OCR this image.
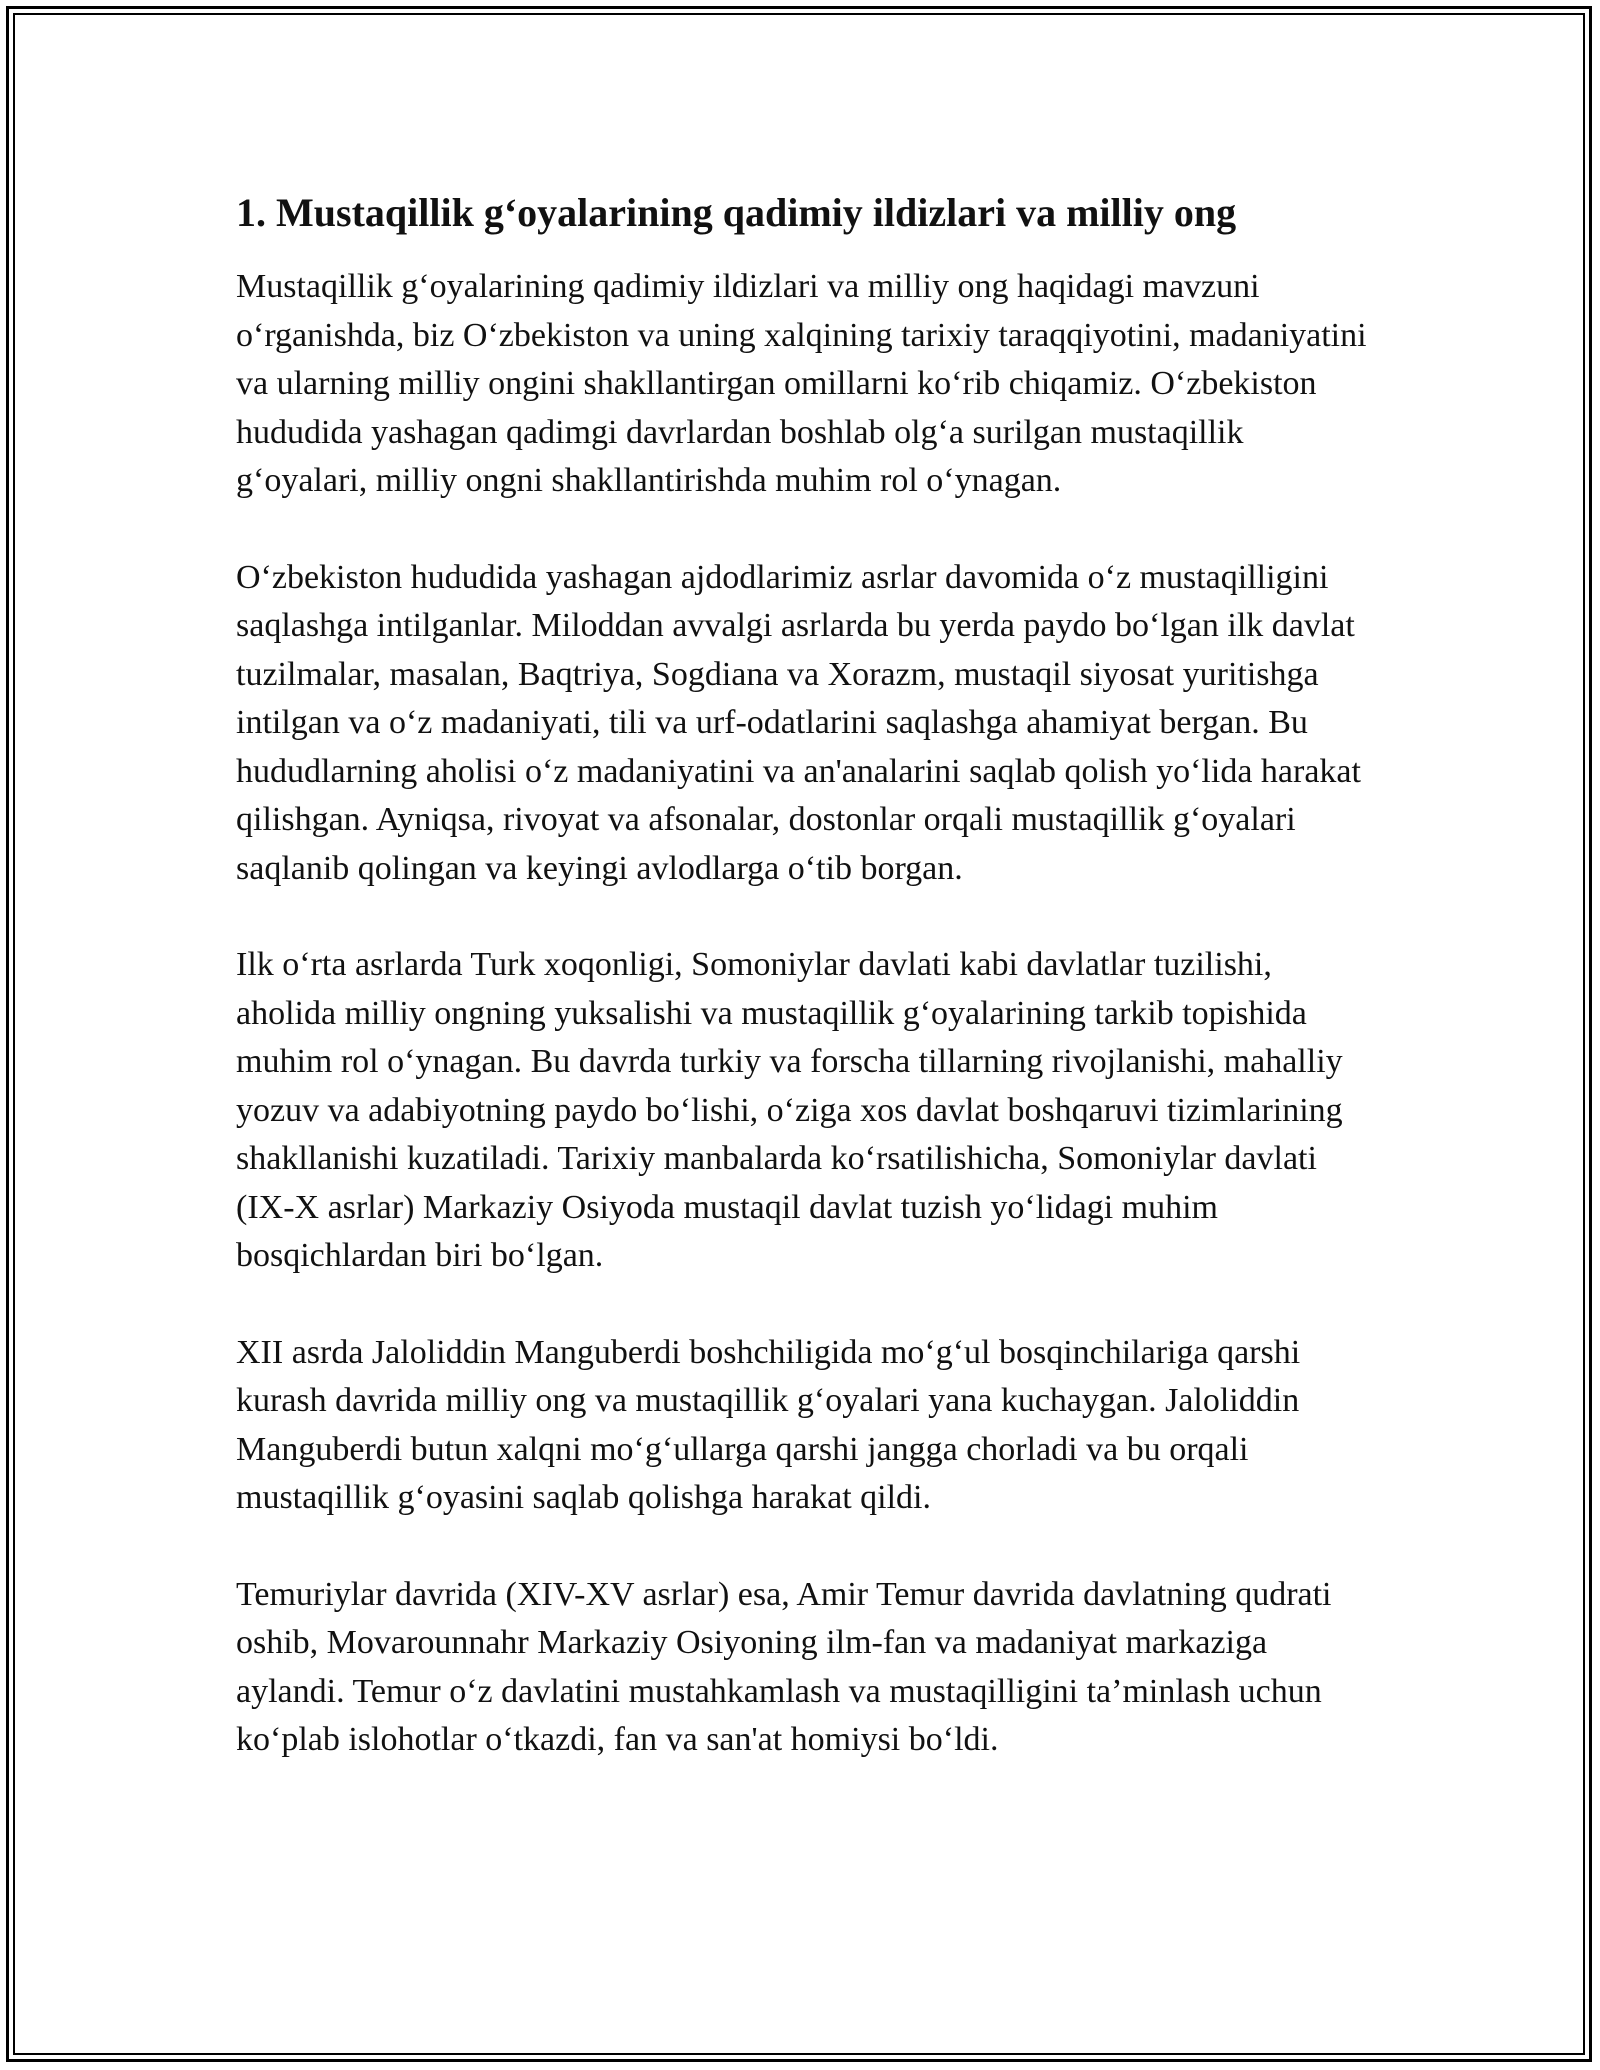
1. Mustaqillik g‘oyalarining qadimiy ildizlari va milliy ong

Mustaqillik g‘oyalarining qadimiy ildizlari va milliy ong haqidagi mavzuni o‘rganishda, biz O‘zbekiston va uning xalqining tarixiy taraqqiyotini, madaniyatini va ularning milliy ongini shakllantirgan omillarni ko‘rib chiqamiz. O‘zbekiston hududida yashagan qadimgi davrlardan boshlab olg‘a surilgan mustaqillik g‘oyalari, milliy ongni shakllantirishda muhim rol o‘ynagan.

O‘zbekiston hududida yashagan ajdodlarimiz asrlar davomida o‘z mustaqilligini saqlashga intilganlar. Miloddan avvalgi asrlarda bu yerda paydo bo‘lgan ilk davlat tuzilmalar, masalan, Baqtriya, Sogdiana va Xorazm, mustaqil siyosat yuritishga intilgan va o‘z madaniyati, tili va urf-odatlarini saqlashga ahamiyat bergan. Bu hududlarning aholisi o‘z madaniyatini va an'analarini saqlab qolish yo‘lida harakat qilishgan. Ayniqsa, rivoyat va afsonalar, dostonlar orqali mustaqillik g‘oyalari saqlanib qolingan va keyingi avlodlarga o‘tib borgan.

Ilk o‘rta asrlarda Turk xoqonligi, Somoniylar davlati kabi davlatlar tuzilishi, aholida milliy ongning yuksalishi va mustaqillik g‘oyalarining tarkib topishida muhim rol o‘ynagan. Bu davrda turkiy va forscha tillarning rivojlanishi, mahalliy yozuv va adabiyotning paydo bo‘lishi, o‘ziga xos davlat boshqaruvi tizimlarining shakllanishi kuzatiladi. Tarixiy manbalarda ko‘rsatilishicha, Somoniylar davlati (IX-X asrlar) Markaziy Osiyoda mustaqil davlat tuzish yo‘lidagi muhim bosqichlardan biri bo‘lgan.

XII asrda Jaloliddin Manguberdi boshchiligida mo‘g‘ul bosqinchilariga qarshi kurash davrida milliy ong va mustaqillik g‘oyalari yana kuchaygan. Jaloliddin Manguberdi butun xalqni mo‘g‘ullarga qarshi jangga chorladi va bu orqali mustaqillik g‘oyasini saqlab qolishga harakat qildi.

Temuriylar davrida (XIV-XV asrlar) esa, Amir Temur davrida davlatning qudrati oshib, Movarounnahr Markaziy Osiyoning ilm-fan va madaniyat markaziga aylandi. Temur o‘z davlatini mustahkamlash va mustaqilligini ta’minlash uchun ko‘plab islohotlar o‘tkazdi, fan va san'at homiysi bo‘ldi.
